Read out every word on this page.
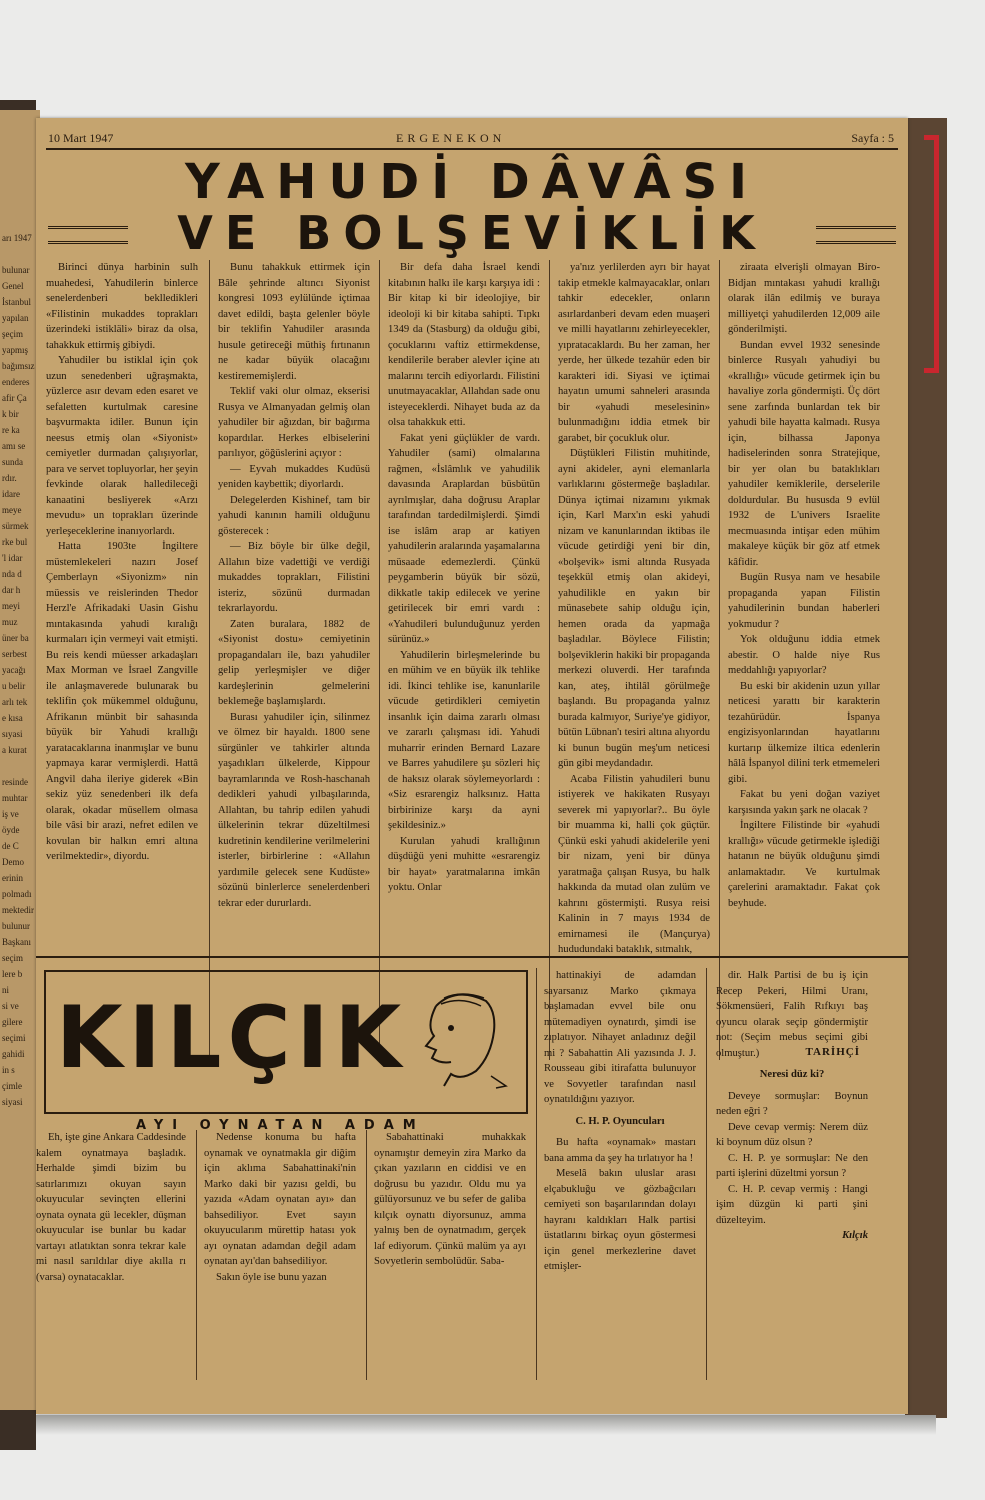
arı 1947

bulunar
Genel
İstanbul
yapılan
şeçim
yapmış
bağımsız
enderes
afir Ça
k bir
re ka
amı se
sunda
rdır.
idare
meye
sürmek
rke bul
'l idar
nda d
dar h
meyi
muz
üner ba
serbest
yacağı
u belir
arlı tek
e kısa
sıyasi
a kurat

resinde
muhtar
iş ve
öyde
de C
Demo
erinin
polmadı
mektedir
bulunur
Başkanı
seçim
lere b
ni
si ve
gilere
seçimi
gahidi
in s
çimle
siyasi
10 Mart 1947	ERGENEKON	Sayfa : 5
YAHUDİ DÂVÂSI
VE BOLŞEVİKLİK

Birinci dünya harbinin sulh muahedesi, Yahudilerin binlerce senelerdenberi beklledikleri «Filistinin mukaddes toprakları üzerindeki istikläli» biraz da olsa, tahakkuk ettirmiş gibiydi.

Yahudiler bu istiklal için çok uzun senedenberi uğraşmakta, yüzlerce asır devam eden esaret ve sefaletten kurtulmak caresine başvurmakta idiler. Bunun için neesus etmiş olan «Siyonist» cemiyetler durmadan çalışıyorlar, para ve servet topluyorlar, her şeyin fevkinde olarak halledileceği kanaatini besliyerek «Arzı mevudu» un toprakları üzerinde yerleşeceklerine inanıyorlardı.

Hatta 1903te İngiltere müstemlekeleri nazırı Josef Çemberlayn «Siyonizm» nin müessis ve reislerinden Thedor Herzl'e Afrikadaki Uasin Gishu mıntakasında yahudi kıralığı kurmaları için vermeyi vait etmişti. Bu reis kendi müesser arkadaşları Max Morman ve İsrael Zangville ile anlaşmaverede bulunarak bu teklifin çok mükemmel olduğunu, Afrikanın münbit bir sahasında büyük bir Yahudi krallığı yaratacaklarına inanmışlar ve bunu yapmaya karar vermişlerdi. Hattâ Angvil daha ileriye giderek «Bin sekiz yüz senedenberi ilk defa olarak, okadar müsellem olmasa bile vâsi bir arazi, nefret edilen ve kovulan bir halkın emri altına verilmektedir», diyordu.

Bunu tahakkuk ettirmek için Bâle şehrinde altıncı Siyonist kongresi 1093 eylülünde içtimaa davet edildi, başta gelenler böyle bir teklifin Yahudiler arasında husule getireceği müthiş fırtınanın ne kadar büyük olacağını kestirememişlerdi.

Teklif vaki olur olmaz, ekserisi Rusya ve Almanyadan gelmiş olan yahudiler bir ağızdan, bir bağırma kopardılar. Herkes elbiselerini parılıyor, göğüslerini açıyor :

— Eyvah mukaddes Kudüsü yeniden kaybettik; diyorlardı.

Delegelerden Kishinef, tam bir yahudi kanının hamili olduğunu gösterecek :

— Biz böyle bir ülke değil, Allahın bize vadettiği ve verdiği mukaddes toprakları, Filistini isteriz, sözünü durmadan tekrarlayordu.

Zaten buralara, 1882 de «Siyonist dostu» cemiyetinin propagandaları ile, bazı yahudiler gelip yerleşmişler ve diğer kardeşlerinin gelmelerini beklemeğe başlamışlardı.

Burası yahudiler için, silinmez ve ölmez bir hayaldı. 1800 sene sürgünler ve tahkirler altında yaşadıkları ülkelerde, Kippour bayramlarında ve Rosh-haschanah dedikleri yahudi yılbaşılarında, Allahtan, bu tahrip edilen yahudi ülkelerinin tekrar düzeltilmesi kudretinin kendilerine verilmelerini isterler, birbirlerine : «Allahın yardımile gelecek sene Kudüste» sözünü binlerlerce senelerdenberi tekrar eder dururlardı.

Bir defa daha İsrael kendi kitabının halkı ile karşı karşıya idi : Bir kitap ki bir ideolojiye, bir ideoloji ki bir kitaba sahipti. Tıpkı 1349 da (Stasburg) da olduğu gibi, çocuklarını vaftiz ettirmekdense, kendilerile beraber alevler içine atı malarını tercih ediyorlardı. Filistini unutmayacaklar, Allahdan sade onu isteyeceklerdi. Nihayet buda az da olsa tahakkuk etti.

Fakat yeni güçlükler de vardı. Yahudiler (sami) olmalarına rağmen, «İslâmlık ve yahudilik davasında Araplardan büsbütün ayrılmışlar, daha doğrusu Araplar tarafından tardedilmişlerdi. Şimdi ise islâm arap ar katiyen yahudilerin aralarında yaşamalarına müsaade edemezlerdi. Çünkü peygamberin büyük bir sözü, dikkatle takip edilecek ve yerine getirilecek bir emri vardı : «Yahudileri bulunduğunuz yerden sürünüz.»

Yahudilerin birleşmelerinde bu en mühim ve en büyük ilk tehlike idi. İkinci tehlike ise, kanunlarile vücude getirdikleri cemiyetin insanlık için daima zararlı olması ve zararlı çalışması idi. Yahudi muharrir erinden Bernard Lazare ve Barres yahudilere şu sözleri hiç de haksız olarak söylemeyorlardı : «Siz esrarengiz halksınız. Hatta birbirinize karşı da ayni şekildesiniz.»

Kurulan yahudi krallığının düşdüğü yeni muhitte «esrarengiz bir hayat» yaratmalarına imkân yoktu. Onlar

ya'nız yerlilerden ayrı bir hayat takip etmekle kalmayacaklar, onları tahkir edecekler, onların asırlardanberi devam eden muaşeri ve milli hayatlarını zehirleyecekler, yıpratacaklardı. Bu her zaman, her yerde, her ülkede tezahür eden bir karakteri idi. Siyasi ve içtimai hayatın umumi sahneleri arasında bir «yahudi meselesinin» bulunmadığını iddia etmek bir garabet, bir çocukluk olur.

Düştükleri Filistin muhitinde, ayni akideler, ayni elemanlarla varlıklarını göstermeğe başladılar. Dünya içtimai nizamını yıkmak için, Karl Marx'ın eski yahudi nizam ve kanunlarından iktibas ile vücude getirdiği yeni bir din, «bolşevik» ismi altında Rusyada teşekkül etmiş olan akideyi, yahudilikle en yakın bir münasebete sahip olduğu için, hemen orada da yapmağa başladılar. Böylece Filistin; bolşeviklerin hakiki bir propaganda merkezi oluverdi. Her tarafında kan, ateş, ihtilâl görülmeğe başlandı. Bu propaganda yalnız burada kalmıyor, Suriye'ye gidiyor, bütün Lübnan'ı tesiri altına alıyordu ki bunun bugün meş'um neticesi gün gibi meydandadır.

Acaba Filistin yahudileri bunu istiyerek ve hakikaten Rusyayı severek mi yapıyorlar?.. Bu öyle bir muamma ki, halli çok güçtür. Çünkü eski yahudi akidelerile yeni bir nizam, yeni bir dünya yaratmağa çalışan Rusya, bu halk hakkında da mutad olan zulüm ve kahrını göstermişti. Rusya reisi Kalinin in 7 mayıs 1934 de emirnamesi ile (Mançurya) hududundaki bataklık, sıtmalık,

ziraata elverişli olmayan Biro-Bidjan mıntakası yahudi krallığı olarak ilân edilmiş ve buraya milliyetçi yahudilerden 12,009 aile gönderilmişti.

Bundan evvel 1932 senesinde binlerce Rusyalı yahudiyi bu «krallığı» vücude getirmek için bu havaliye zorla göndermişti. Üç dört sene zarfında bunlardan tek bir yahudi bile hayatta kalmadı. Rusya için, bilhassa Japonya hadiselerinden sonra Stratejique, bir yer olan bu bataklıkları yahudiler kemiklerile, derselerile doldurdular. Bu hususda 9 evlül 1932 de L'univers Israelite mecmuasında intişar eden mühim makaleye küçük bir göz atf etmek kâfidir.

Bugün Rusya nam ve hesabile propaganda yapan Filistin yahudilerinin bundan haberleri yokmudur ?

Yok olduğunu iddia etmek abestir. O halde niye Rus meddahlığı yapıyorlar?

Bu eski bir akidenin uzun yıllar neticesi yarattı bir karakterin tezahürüdür. İspanya engizisyonlarından hayatlarını kurtarıp ülkemize iltica edenlerin hâlâ İspanyol dilini terk etmemeleri gibi.

Fakat bu yeni doğan vaziyet karşısında yakın şark ne olacak ?

İngiltere Filistinde bir «yahudi krallığı» vücude getirmekle işlediği hatanın ne büyük olduğunu şimdi anlamaktadır. Ve kurtulmak çarelerini aramaktadır. Fakat çok beyhude.

TARİHÇİ
KILÇIK
AYI OYNATAN ADAM

Eh, işte gine Ankara Caddesinde kalem oynatmaya başladık. Herhalde şimdi bizim bu satırlarımızı okuyan sayın okuyucular sevinçten ellerini oynata oynata gü lecekler, düşman okuyucular ise bunlar bu kadar vartayı atlatıktan sonra tekrar kale mi nasıl sarıldılar diye akılla rı (varsa) oynatacaklar.

Nedense konuma bu hafta oynamak ve oynatmakla gir diğim için aklıma Sabahattinaki'nin Marko daki bir yazısı geldi, bu yazıda «Adam oynatan ayı» dan bahsediliyor. Evet sayın okuyucularım mürettip hatası yok ayı oynatan adamdan değil adam oynatan ayı'dan bahsediliyor.

Sakın öyle ise bunu yazan

Sabahattinaki muhakkak oynamıştır demeyin zira Marko da çıkan yazıların en ciddisi ve en doğrusu bu yazıdır. Oldu mu ya gülüyorsunuz ve bu sefer de galiba kılçık oynattı diyorsunuz, amma yalnış ben de oynatmadım, gerçek laf ediyorum. Çünkü malüm ya ayı Sovyetlerin sembolüdür. Saba-

hattinakiyi de adamdan sayarsanız Marko çıkmaya başlamadan evvel bile onu mütemadiyen oynatırdı, şimdi ise zıplatıyor. Nihayet anladınız değil mi ? Sabahattin Ali yazısında J. J. Rousseau gibi itirafatta bulunuyor ve Sovyetler tarafından nasıl oynatıldığını yazıyor.

C. H. P. Oyuncuları

Bu hafta «oynamak» mastarı bana amma da şey ha tırlatıyor ha !

Meselâ bakın uluslar arası elçabukluğu ve gözbağcıları cemiyeti son başarılarından dolayı hayranı kaldıkları Halk partisi üstatlarını birkaç oyun göstermesi için genel merkezlerine davet etmişler-

dir. Halk Partisi de bu iş için Recep Pekeri, Hilmi Uranı, Sökmensüeri, Falih Rıfkıyı baş oyuncu olarak seçip göndermiştir not: (Seçim mebus seçimi gibi olmuştur.)

Neresi düz ki?

Deveye sormuşlar: Boynun neden eğri ?

Deve cevap vermiş: Nerem düz ki boynum düz olsun ?

C. H. P. ye sormuşlar: Ne den parti işlerini düzeltmi yorsun ?

C. H. P. cevap vermiş : Hangi işim düzgün ki parti şini düzelteyim.

Kılçık
